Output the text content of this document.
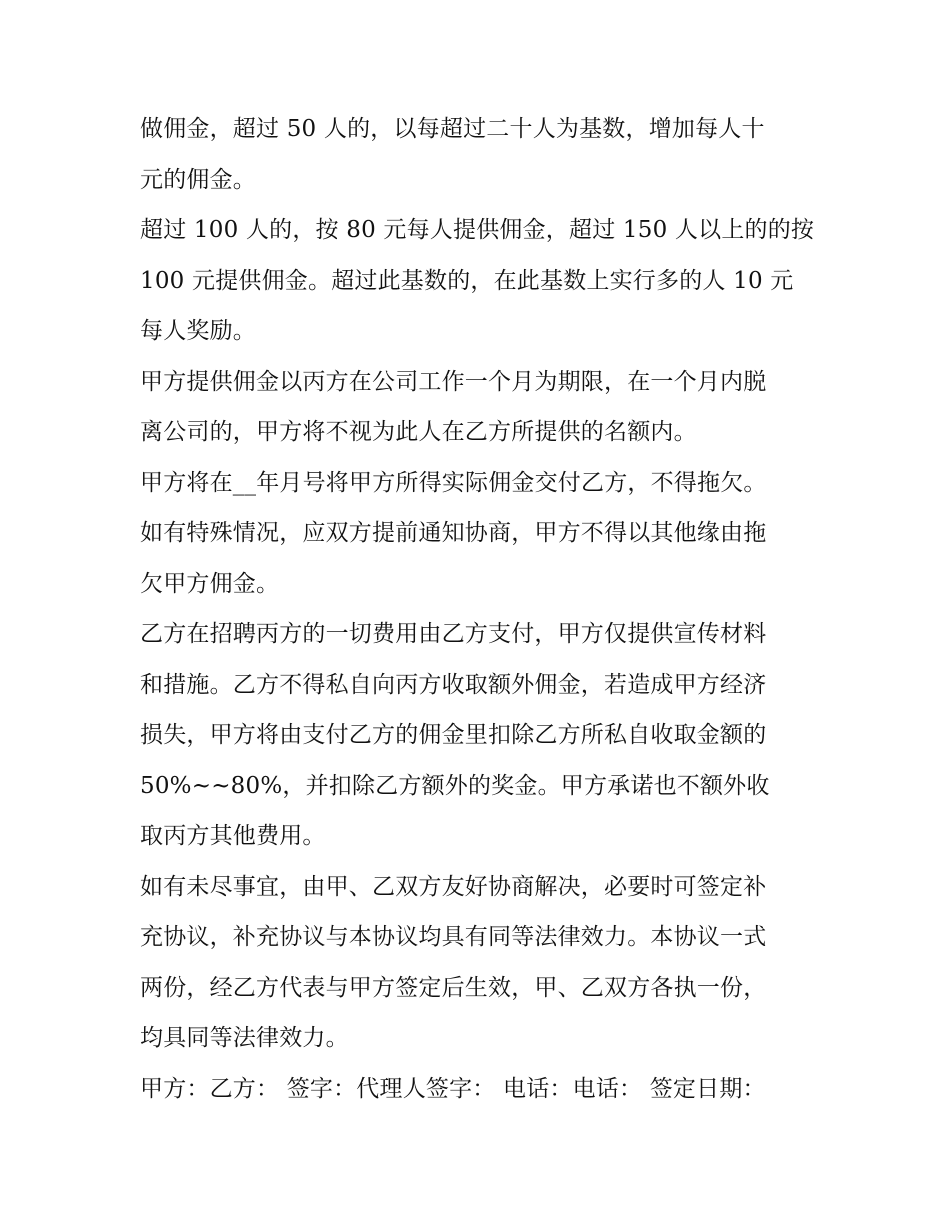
做佣金，超过 50 人的，以每超过二十人为基数，增加每人十
元的佣金。
超过 100 人的，按 80 元每人提供佣金，超过 150 人以上的的按
100 元提供佣金。超过此基数的，在此基数上实行多的人 10 元
每人奖励。
甲方提供佣金以丙方在公司工作一个月为期限，在一个月内脱
离公司的，甲方将不视为此人在乙方所提供的名额内。
甲方将在__年月号将甲方所得实际佣金交付乙方，不得拖欠。
如有特殊情况，应双方提前通知协商，甲方不得以其他缘由拖
欠甲方佣金。
乙方在招聘丙方的一切费用由乙方支付，甲方仅提供宣传材料
和措施。乙方不得私自向丙方收取额外佣金，若造成甲方经济
损失，甲方将由支付乙方的佣金里扣除乙方所私自收取金额的
50%~~80%，并扣除乙方额外的奖金。甲方承诺也不额外收
取丙方其他费用。
如有未尽事宜，由甲、乙双方友好协商解决，必要时可签定补
充协议，补充协议与本协议均具有同等法律效力。本协议一式
两份，经乙方代表与甲方签定后生效，甲、乙双方各执一份，
均具同等法律效力。
甲方：乙方： 签字：代理人签字： 电话：电话： 签定日期：
